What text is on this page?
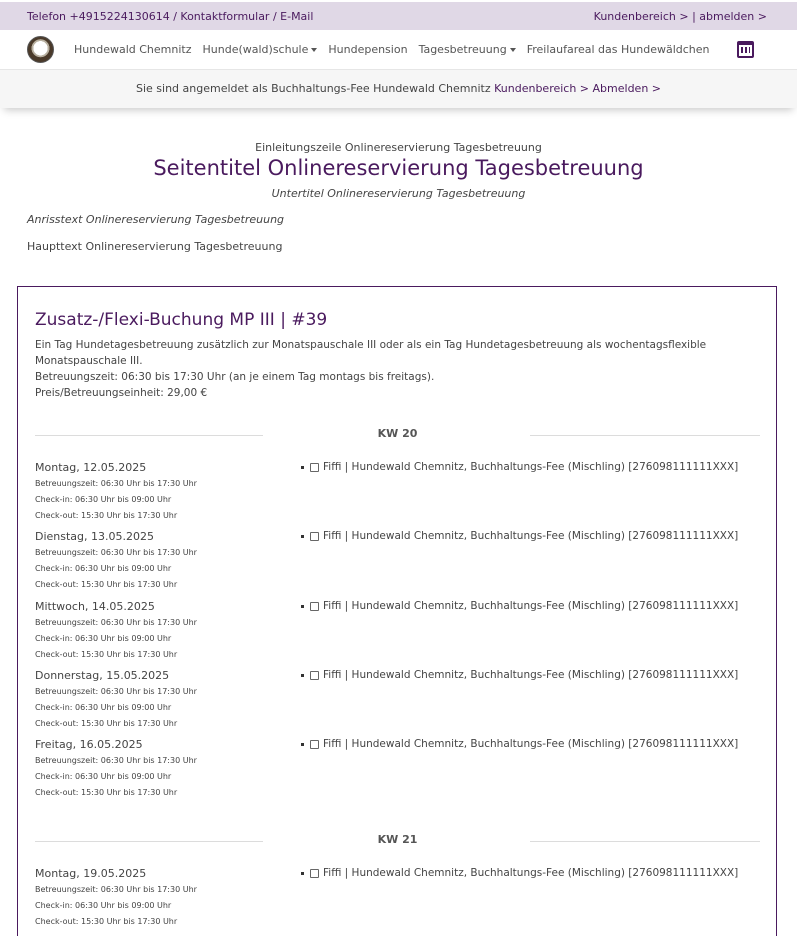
Telefon +4915224130614 / Kontaktformular / E-Mail	Kundenbereich > | abmelden >
Hundewald Chemnitz Hunde(wald)schule Hundepension Tagesbetreuung Freilaufareal das Hundewäldchen
Sie sind angemeldet als Buchhaltungs-Fee Hundewald Chemnitz Kundenbereich > Abmelden >
Einleitungszeile Onlinereservierung Tagesbetreuung
Seitentitel Onlinereservierung Tagesbetreuung
Untertitel Onlinereservierung Tagesbetreuung
Anrisstext Onlinereservierung Tagesbetreuung
Haupttext Onlinereservierung Tagesbetreuung
Zusatz-/Flexi-Buchung MP III | #39
Ein Tag Hundetagesbetreuung zusätzlich zur Monatspauschale III oder als ein Tag Hundetagesbetreuung als wochentagsflexible Monatspauschale III.
Betreuungszeit: 06:30 bis 17:30 Uhr (an je einem Tag montags bis freitags).
Preis/Betreuungseinheit: 29,00 €
KW 20
Montag, 12.05.2025
Betreuungszeit: 06:30 Uhr bis 17:30 Uhr
Check-in: 06:30 Uhr bis 09:00 Uhr
Check-out: 15:30 Uhr bis 17:30 Uhr
Fiffi | Hundewald Chemnitz, Buchhaltungs-Fee (Mischling) [276098111111XXX]
Dienstag, 13.05.2025
Betreuungszeit: 06:30 Uhr bis 17:30 Uhr
Check-in: 06:30 Uhr bis 09:00 Uhr
Check-out: 15:30 Uhr bis 17:30 Uhr
Fiffi | Hundewald Chemnitz, Buchhaltungs-Fee (Mischling) [276098111111XXX]
Mittwoch, 14.05.2025
Betreuungszeit: 06:30 Uhr bis 17:30 Uhr
Check-in: 06:30 Uhr bis 09:00 Uhr
Check-out: 15:30 Uhr bis 17:30 Uhr
Fiffi | Hundewald Chemnitz, Buchhaltungs-Fee (Mischling) [276098111111XXX]
Donnerstag, 15.05.2025
Betreuungszeit: 06:30 Uhr bis 17:30 Uhr
Check-in: 06:30 Uhr bis 09:00 Uhr
Check-out: 15:30 Uhr bis 17:30 Uhr
Fiffi | Hundewald Chemnitz, Buchhaltungs-Fee (Mischling) [276098111111XXX]
Freitag, 16.05.2025
Betreuungszeit: 06:30 Uhr bis 17:30 Uhr
Check-in: 06:30 Uhr bis 09:00 Uhr
Check-out: 15:30 Uhr bis 17:30 Uhr
Fiffi | Hundewald Chemnitz, Buchhaltungs-Fee (Mischling) [276098111111XXX]
KW 21
Montag, 19.05.2025
Betreuungszeit: 06:30 Uhr bis 17:30 Uhr
Check-in: 06:30 Uhr bis 09:00 Uhr
Check-out: 15:30 Uhr bis 17:30 Uhr
Fiffi | Hundewald Chemnitz, Buchhaltungs-Fee (Mischling) [276098111111XXX]
